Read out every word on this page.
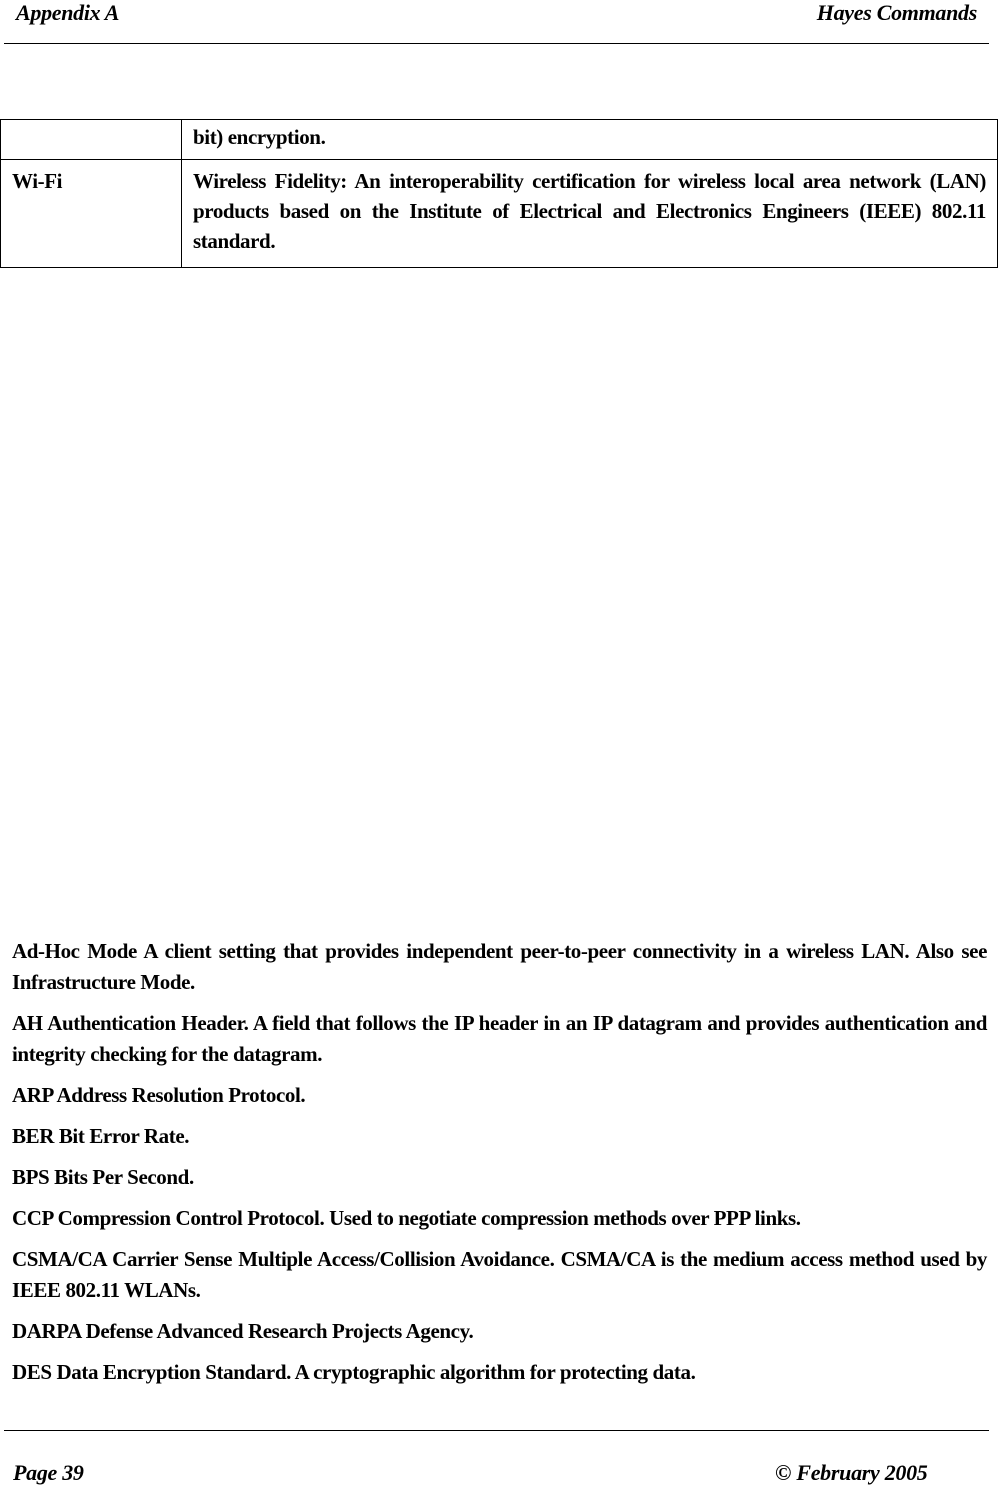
Appendix A	Hayes Commands
	bit) encryption.
Wi-Fi	Wireless Fidelity: An interoperability certification for wireless local area network (LAN) products based on the Institute of Electrical and Electronics Engineers (IEEE) 802.11 standard.

Ad-Hoc Mode A client setting that provides independent peer-to-peer connectivity in a wireless LAN. Also see Infrastructure Mode.

AH Authentication Header. A field that follows the IP header in an IP datagram and provides authentication and integrity checking for the datagram.

ARP Address Resolution Protocol.

BER Bit Error Rate.

BPS Bits Per Second.

CCP Compression Control Protocol. Used to negotiate compression methods over PPP links.

CSMA/CA Carrier Sense Multiple Access/Collision Avoidance. CSMA/CA is the medium access method used by IEEE 802.11 WLANs.

DARPA Defense Advanced Research Projects Agency.

DES Data Encryption Standard. A cryptographic algorithm for protecting data.

Page 39	© February 2005
